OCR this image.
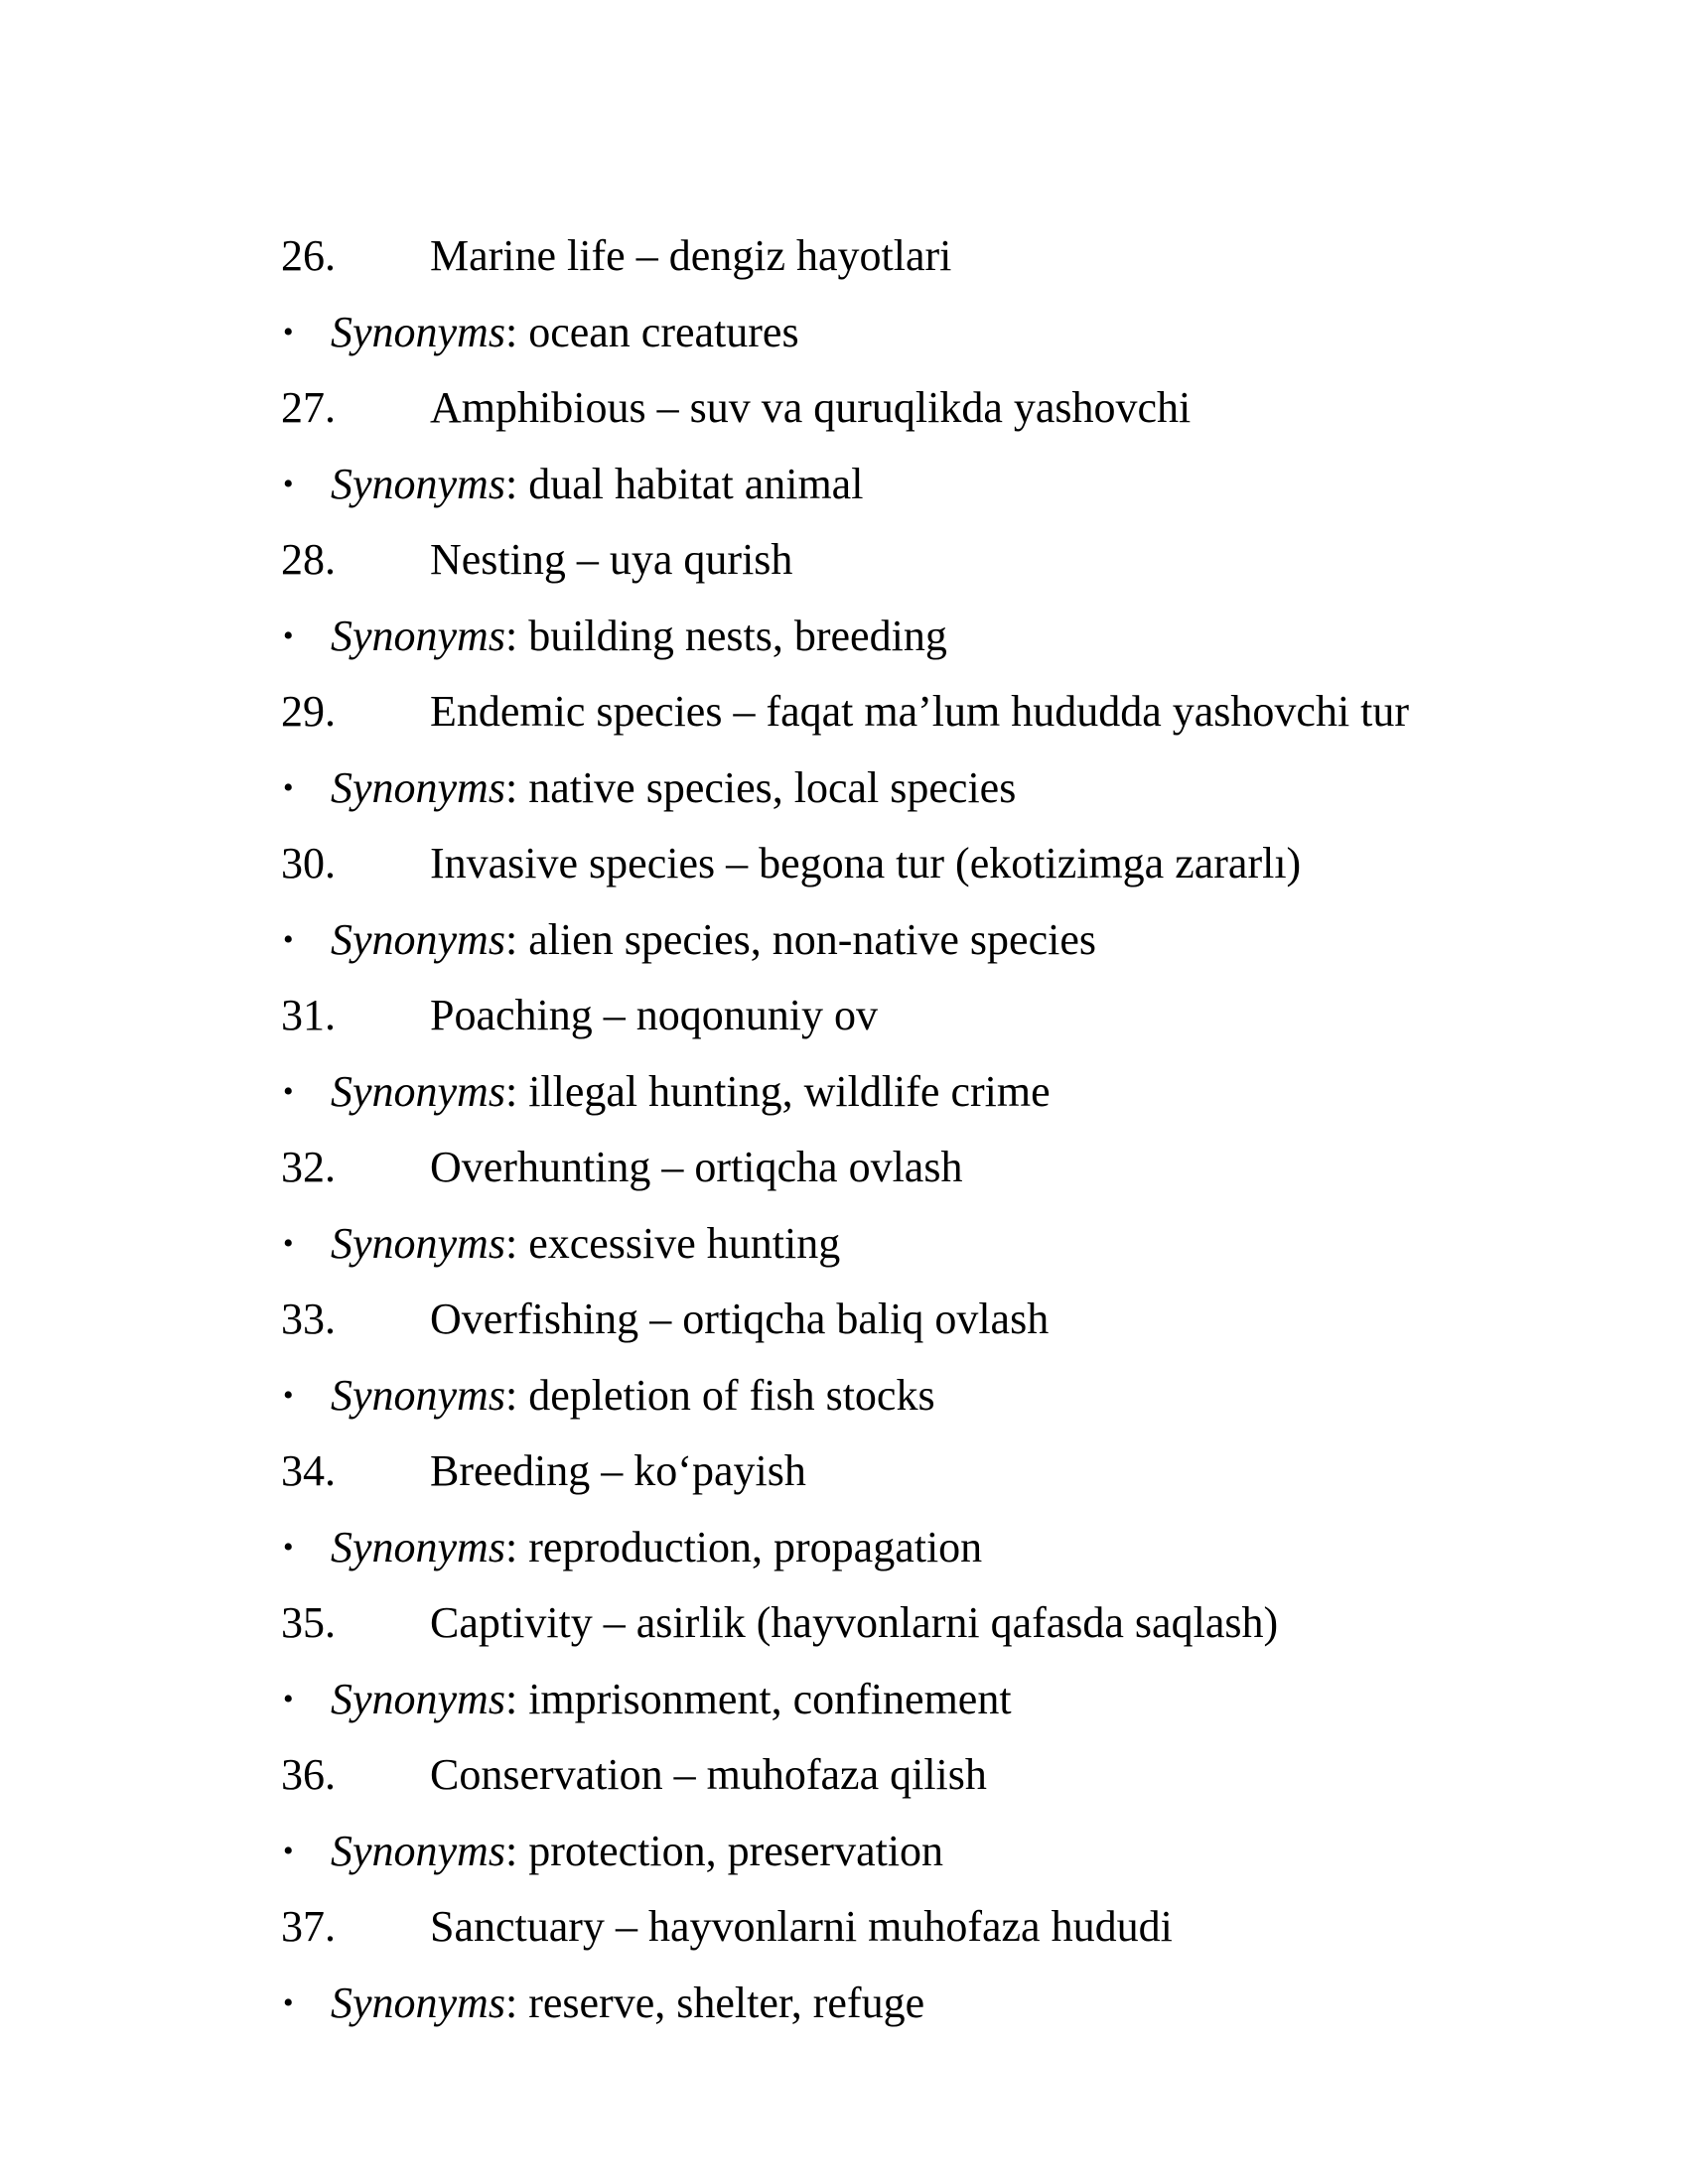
26.	Marine life – dengiz hayotlari
• Synonyms: ocean creatures
27.	Amphibious – suv va quruqlikda yashovchi
• Synonyms: dual habitat animal
28.	Nesting – uya qurish
• Synonyms: building nests, breeding
29.	Endemic species – faqat ma’lum hududda yashovchi tur
• Synonyms: native species, local species
30.	Invasive species – begona tur (ekotizimga zararlı)
• Synonyms: alien species, non-native species
31.	Poaching – noqonuniy ov
• Synonyms: illegal hunting, wildlife crime
32.	Overhunting – ortiqcha ovlash
• Synonyms: excessive hunting
33.	Overfishing – ortiqcha baliq ovlash
• Synonyms: depletion of fish stocks
34.	Breeding – ko‘payish
• Synonyms: reproduction, propagation
35.	Captivity – asirlik (hayvonlarni qafasda saqlash)
• Synonyms: imprisonment, confinement
36.	Conservation – muhofaza qilish
• Synonyms: protection, preservation
37.	Sanctuary – hayvonlarni muhofaza hududi
• Synonyms: reserve, shelter, refuge
